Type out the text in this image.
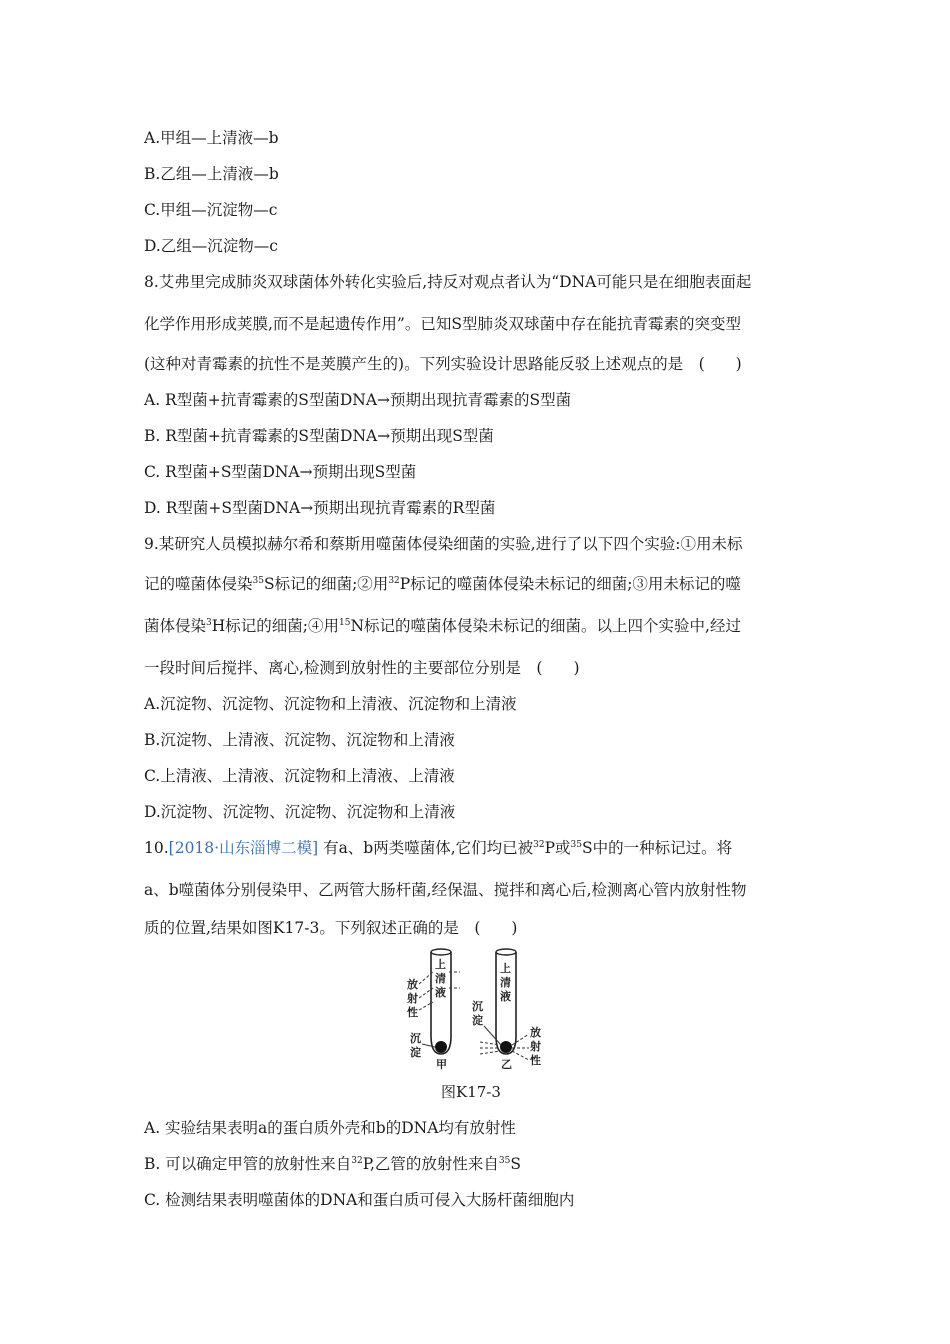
A.甲组—上清液—b
B.乙组—上清液—b
C.甲组—沉淀物—c
D.乙组—沉淀物—c
8.艾弗里完成肺炎双球菌体外转化实验后,持反对观点者认为“DNA可能只是在细胞表面起
化学作用形成荚膜,而不是起遗传作用”。已知S型肺炎双球菌中存在能抗青霉素的突变型
(这种对青霉素的抗性不是荚膜产生的)。下列实验设计思路能反驳上述观点的是　(　　)
A. R型菌+抗青霉素的S型菌DNA→预期出现抗青霉素的S型菌
B. R型菌+抗青霉素的S型菌DNA→预期出现S型菌
C. R型菌+S型菌DNA→预期出现S型菌
D. R型菌+S型菌DNA→预期出现抗青霉素的R型菌
9.某研究人员模拟赫尔希和蔡斯用噬菌体侵染细菌的实验,进行了以下四个实验:①用未标
记的噬菌体侵染$^{35}$S标记的细菌;②用$^{32}$P标记的噬菌体侵染未标记的细菌;③用未标记的噬
菌体侵染$^3$H标记的细菌;④用$^{15}$N标记的噬菌体侵染未标记的细菌。以上四个实验中,经过
一段时间后搅拌、离心,检测到放射性的主要部位分别是　(　　)
A.沉淀物、沉淀物、沉淀物和上清液、沉淀物和上清液
B.沉淀物、上清液、沉淀物、沉淀物和上清液
C.上清液、上清液、沉淀物和上清液、上清液
D.沉淀物、沉淀物、沉淀物、沉淀物和上清液
10.[2018·山东淄博二模] 有a、b两类噬菌体,它们均已被$^{32}$P或$^{35}$S中的一种标记过。将
a、b噬菌体分别侵染甲、乙两管大肠杆菌,经保温、搅拌和离心后,检测离心管内放射性物
质的位置,结果如图K17-3。下列叙述正确的是　(　　)
上
清
液
放
射
性
沉
淀
甲
上
清
液
沉
淀
放
射
性
乙
图K17-3
A. 实验结果表明a的蛋白质外壳和b的DNA均有放射性
B. 可以确定甲管的放射性来自$^{32}$P,乙管的放射性来自$^{35}$S
C. 检测结果表明噬菌体的DNA和蛋白质可侵入大肠杆菌细胞内
